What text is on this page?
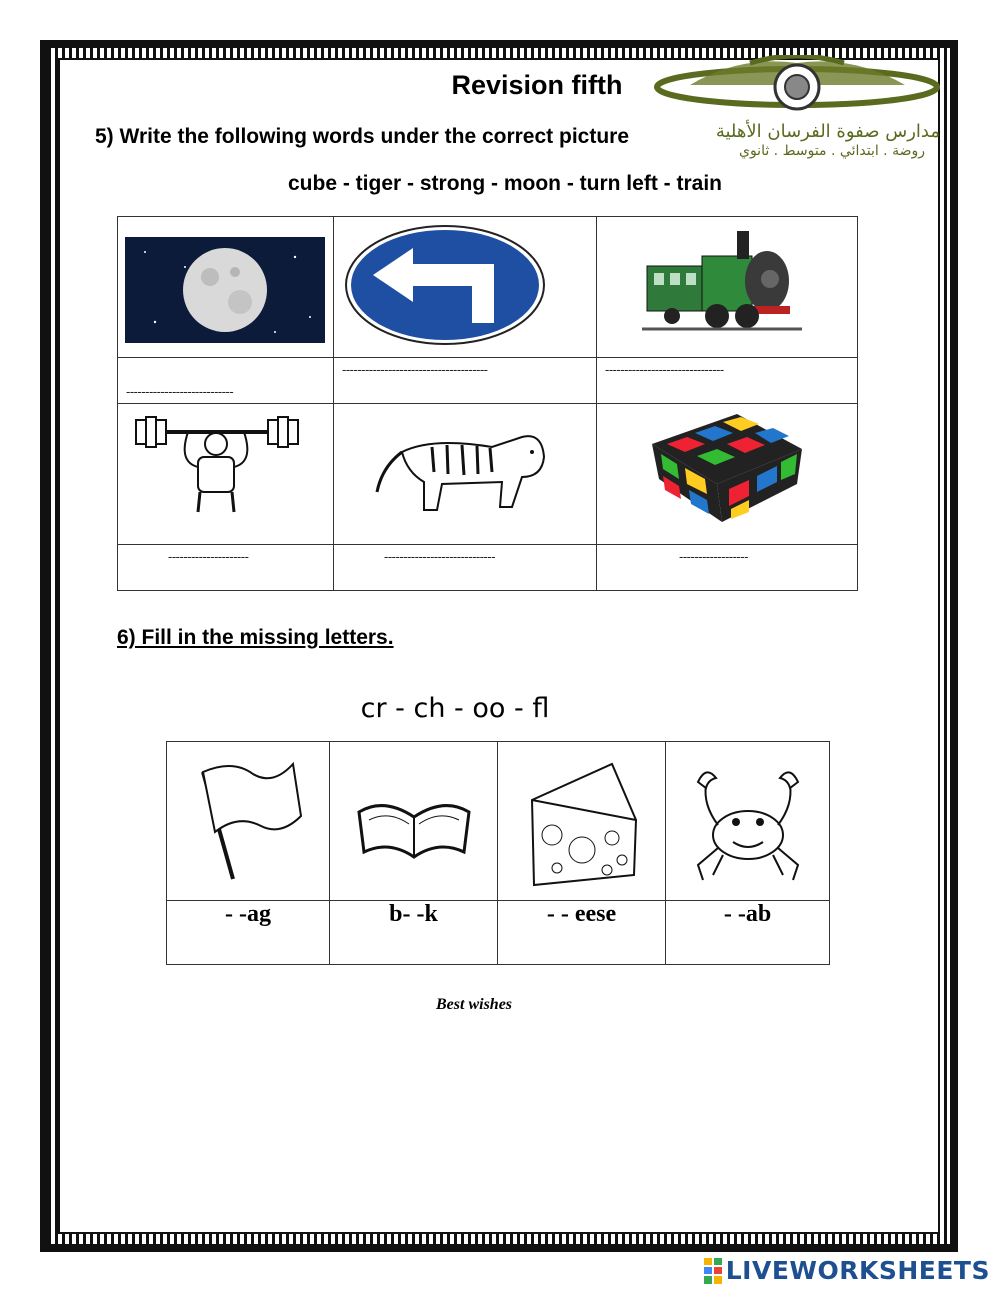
Revision fifth
مدارس صفوة الفرسان الأهلية
روضة . ابتدائي . متوسط . ثانوي
5) Write the following words under the correct picture
cube - tiger - strong - moon - turn left - train

----------------------------	--------------------------------------	-------------------------------

---------------------	-----------------------------	------------------
6) Fill in the missing letters.
cr - ch - oo - fl

- -ag	b- -k	- - eese	- -ab
Best wishes
LIVEWORKSHEETS
